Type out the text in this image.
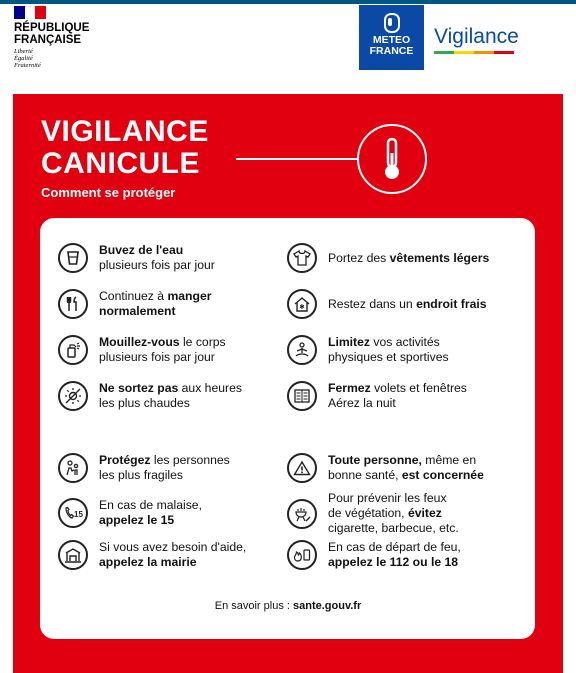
RÉPUBLIQUE
FRANÇAISE
Liberté
Égalité
Fraternité
METEO
FRANCE
Vigilance
VIGILANCE
CANICULE
Comment se protéger
Buvez de l'eau
plusieurs fois par jour
Continuez à manger
normalement
Mouillez-vous le corps
plusieurs fois par jour
Ne sortez pas aux heures
les plus chaudes
Protégez les personnes
les plus fragiles
15
En cas de malaise,
appelez le 15
Si vous avez besoin d'aide,
appelez la mairie
Portez des vêtements légers
Restez dans un endroit frais
Limitez vos activités
physiques et sportives
Fermez volets et fenêtres
Aérez la nuit
Toute personne, même en
bonne santé, est concernée
Pour prévenir les feux
de végétation, évitez
cigarette, barbecue, etc.
En cas de départ de feu,
appelez le 112 ou le 18
En savoir plus : sante.gouv.fr
